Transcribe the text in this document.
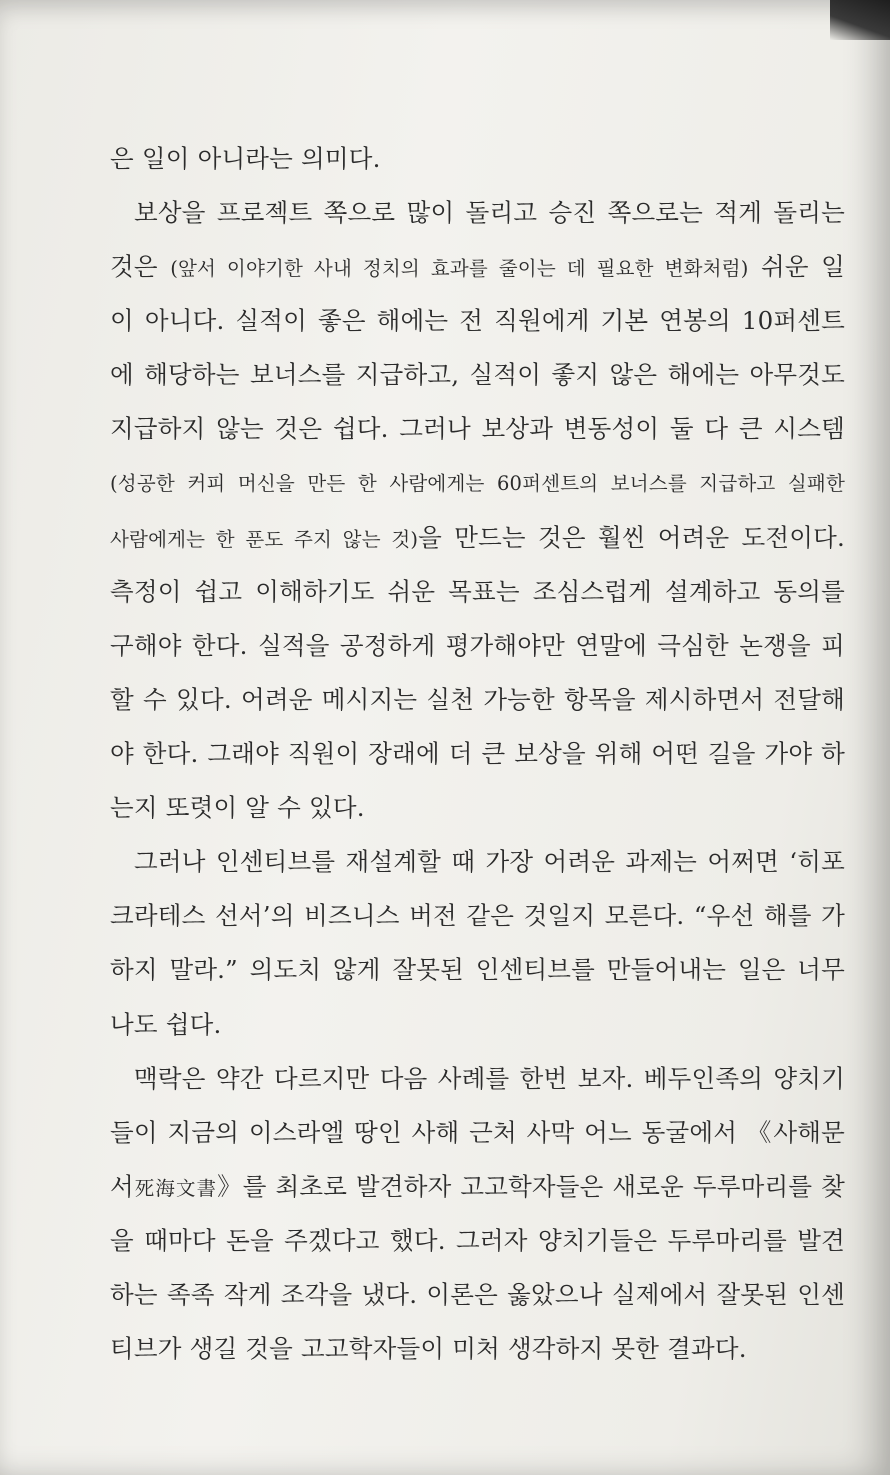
은 일이 아니라는 의미다.
보상을 프로젝트 쪽으로 많이 돌리고 승진 쪽으로는 적게 돌리는
것은 (앞서 이야기한 사내 정치의 효과를 줄이는 데 필요한 변화처럼) 쉬운 일
이 아니다. 실적이 좋은 해에는 전 직원에게 기본 연봉의 10퍼센트
에 해당하는 보너스를 지급하고, 실적이 좋지 않은 해에는 아무것도
지급하지 않는 것은 쉽다. 그러나 보상과 변동성이 둘 다 큰 시스템
(성공한 커피 머신을 만든 한 사람에게는 60퍼센트의 보너스를 지급하고 실패한
사람에게는 한 푼도 주지 않는 것)을 만드는 것은 훨씬 어려운 도전이다.
측정이 쉽고 이해하기도 쉬운 목표는 조심스럽게 설계하고 동의를
구해야 한다. 실적을 공정하게 평가해야만 연말에 극심한 논쟁을 피
할 수 있다. 어려운 메시지는 실천 가능한 항목을 제시하면서 전달해
야 한다. 그래야 직원이 장래에 더 큰 보상을 위해 어떤 길을 가야 하
는지 또렷이 알 수 있다.
그러나 인센티브를 재설계할 때 가장 어려운 과제는 어쩌면 ‘히포
크라테스 선서’의 비즈니스 버전 같은 것일지 모른다. “우선 해를 가
하지 말라.” 의도치 않게 잘못된 인센티브를 만들어내는 일은 너무
나도 쉽다.
맥락은 약간 다르지만 다음 사례를 한번 보자. 베두인족의 양치기
들이 지금의 이스라엘 땅인 사해 근처 사막 어느 동굴에서 《사해문
서死海文書》를 최초로 발견하자 고고학자들은 새로운 두루마리를 찾
을 때마다 돈을 주겠다고 했다. 그러자 양치기들은 두루마리를 발견
하는 족족 작게 조각을 냈다. 이론은 옳았으나 실제에서 잘못된 인센
티브가 생길 것을 고고학자들이 미처 생각하지 못한 결과다.
